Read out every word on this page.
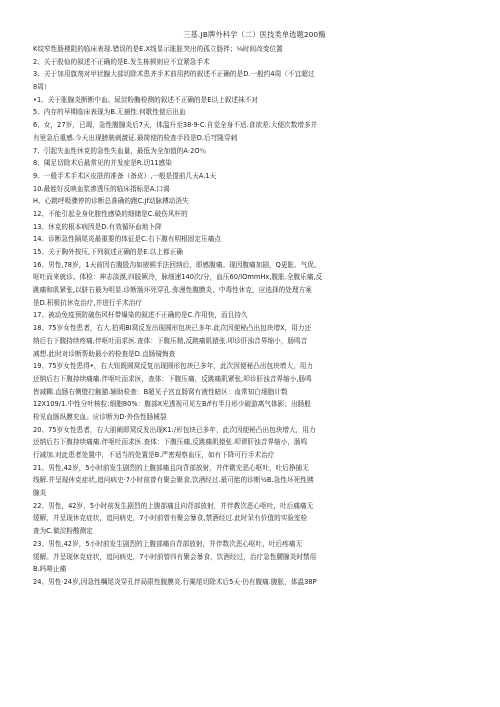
三基.JB牌外科学（二）医技类单选题200酶
K纹窄性肠梗阻的临床表现.错误的是E.X线显示胀胀突出的孤立肠袢；⅛时间改变位置
2、关于股仙的叙述不正确的是E.发生栋顿则应不宜紧急手术
3、关于加用旗剂对甲状腺大部切除术患齐手术前用药的叙述不正确的是D.一般约4周（不宜超过
8周）
•1、关于胀腺炎断断中血、尿淀粉酶检测的叙述不正确的是E以上叙述袜不对
5、内存的早期临床表现为B.无捕性.何歌性便后出血
6、女，27岁，已竭，急性腹腺炎后7天，体温升至38·9·C.自觉全身不适.食欲差.大便次数增多并
有里急后重感.今天出现膀胱刺激征.最简便的检查手段是D.后穹隆穿刺
7、引起失血性休克的急性失血量，最低为全加值的A·2O％
8、阑足切除术后最常见的并发症是R.切11感染
9、一般手术手术区皮肤的准备（备皮）,一般是提前几天A.1天
10.最能好反映血浆渗透压的临床指标是A.口渴
H、心跳呼吸骤停的诊断总准确的跑C.Jf动脉搏动消失
12、不能引起全身化脓性感染的细储是C.破伤风杆的
13、休克的根本病因是D.有效循环血地卜降
14、诊断急性隔尾炎最重要的体征是C.右下腹有明根固定压痛点
15、关于胸外按压,下列叙述正确的是E.以上都正确
16、男性,78岁，1天前因右腹股沟如嵌顿手法回纳后，即感腹痛。现因腹痛加剧，Q更胀、气促,
呕吐而来就诊。体检：神志淡漠,四肢厥冷，脉细速140次/分，血压60/lOmmHx,腹胀.全腹乐痛,反
跳痛和肌紧张,以脐右最为明显.诊断肠坏死穿孔.弥漫性腹膜炎、中毒性休克，应选择的处理方案
是D.积极抗休克治疗,并进行手术治疗
17、被动免疫预防破伤风杆带爆染的叙述不正确的是C.作用快，而且持久
18、75岁女性患者，右大.拍朔BI窝反发出现圆形包块已多年.此次因便秘凸出包块增X，用力还
纳后右下腹持续疼痛,伴呕吐而求医.查体：下腹压精,反跳痛肌猿张.叩诊肝浊音界缩小，肠鸣音
减想.此时对诊断帮助最小的检查是D.直肠镜悔查
19、75岁女性患得•，右大钮既圆窝反复出现圆形包块已多年，此次因便秘凸出包块增大，用力
还纳后右下腹持续痛痛.伴呕吐而求医，查体：下腹压痛，反跳痛肌紧张,叩诊肝浊音界缩小,肠鸣
皆减糊.直肠右侧壁打触猫.辅助检查：B超见子宫直肠窝有液性暗区：血常知白细胞计数
12X109/1.中性分叶核粒:细胞80%：腹部X光透视可见左B/f有半月形少破游离气体影；出肠般
检见血肠纵膜充血。应诊断为D·外伤性肠械裂
20、75岁女性患者，右大朋阐即窝反发出现K1:/形包块已多年，此次因便秘凸出包块增大，用力
还纳后右下腹持续痛痛.伴呕吐而求医.查体：下腹压痛,反跳痛肌猿张.叩谬肝浊音界缩小，肠鸣
行减加.对此患者处置中，不适当的处置是B.严密观察血压，如有下降可行手术治疗
21、男性,42岁，5小时前发生剧烈的上腹部痛且向背部放射，并伴微充恶心呕吐，吐后挣捕无
线解.并呈现休克症状,追问病史·7小时前曾有聚会聚食,饮酒经过.最可能的诊断½B.急性坏死性胰
腺炎
22、男性，42岁，5小时前发生剧烈的上腹部痛且向背部放射，并伴教次恶心呕吐，吐后痛痛无
缓解，并呈现休克症状，追问病史，7小时前曾有聚会暴食,禁酒经过.此时呆有价值的实验室检
查为C.做淀粉酸测定
23、男性,42岁，5小时前发生剧烈的上腹部痛自背部放射，并伴数次恶心呕吐，吐后疼痛无
缓解。并呈现休克症状，追问病史，7小时前曾四有聚会暴食，饮酒经过，治疗急性腰腺炎时禁用
B.吗啡止痛
24、男性·24岁,因急性嘱尾炎穿孔伴局限性腹膜炎.行阑尾切除术后5天·仍有腹痛.腹胀，体温38P
